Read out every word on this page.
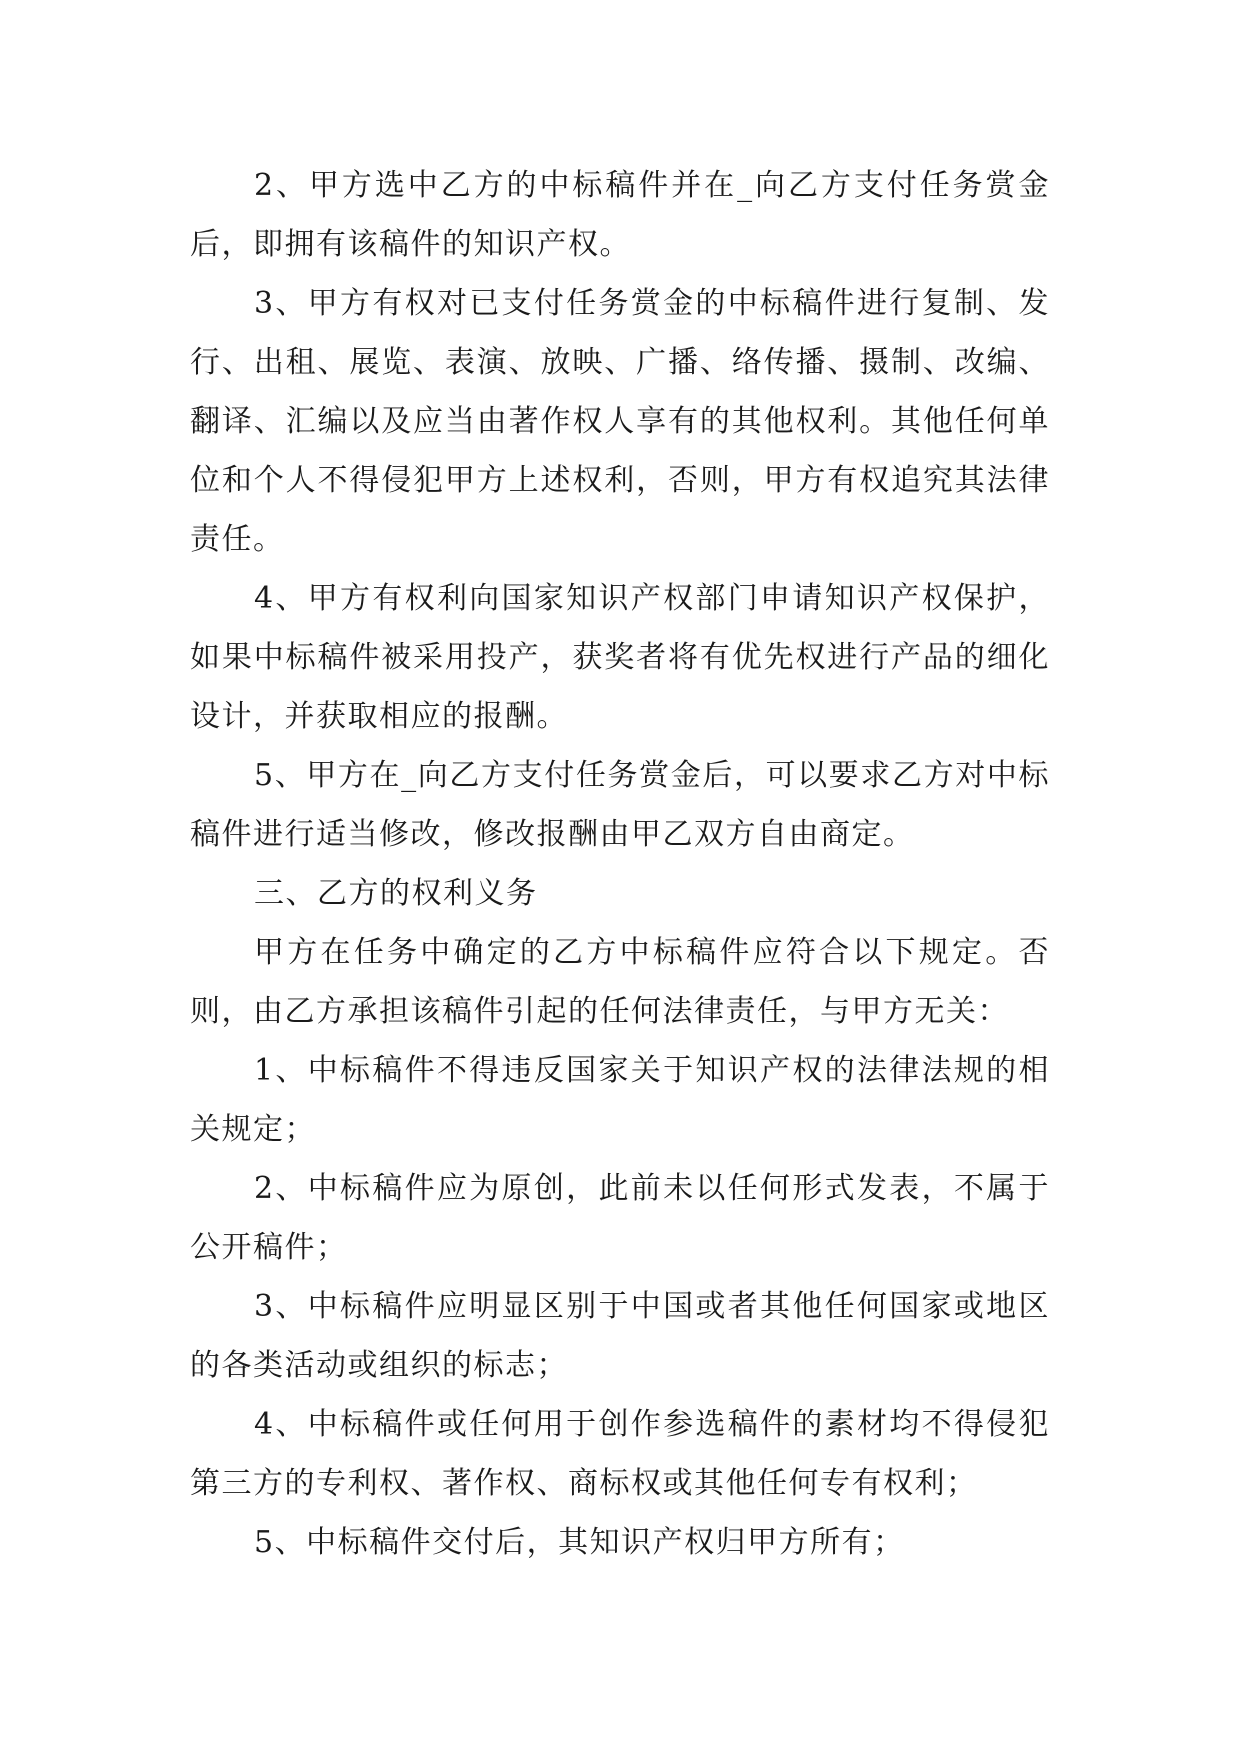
2、甲方选中乙方的中标稿件并在_向乙方支付任务赏金后，即拥有该稿件的知识产权。

3、甲方有权对已支付任务赏金的中标稿件进行复制、发行、出租、展览、表演、放映、广播、络传播、摄制、改编、翻译、汇编以及应当由著作权人享有的其他权利。其他任何单位和个人不得侵犯甲方上述权利，否则，甲方有权追究其法律责任。

4、甲方有权利向国家知识产权部门申请知识产权保护，如果中标稿件被采用投产，获奖者将有优先权进行产品的细化设计，并获取相应的报酬。

5、甲方在_向乙方支付任务赏金后，可以要求乙方对中标稿件进行适当修改，修改报酬由甲乙双方自由商定。

三、乙方的权利义务

甲方在任务中确定的乙方中标稿件应符合以下规定。否则，由乙方承担该稿件引起的任何法律责任，与甲方无关：

1、中标稿件不得违反国家关于知识产权的法律法规的相关规定；

2、中标稿件应为原创，此前未以任何形式发表，不属于公开稿件；

3、中标稿件应明显区别于中国或者其他任何国家或地区的各类活动或组织的标志；

4、中标稿件或任何用于创作参选稿件的素材均不得侵犯第三方的专利权、著作权、商标权或其他任何专有权利；

5、中标稿件交付后，其知识产权归甲方所有；
